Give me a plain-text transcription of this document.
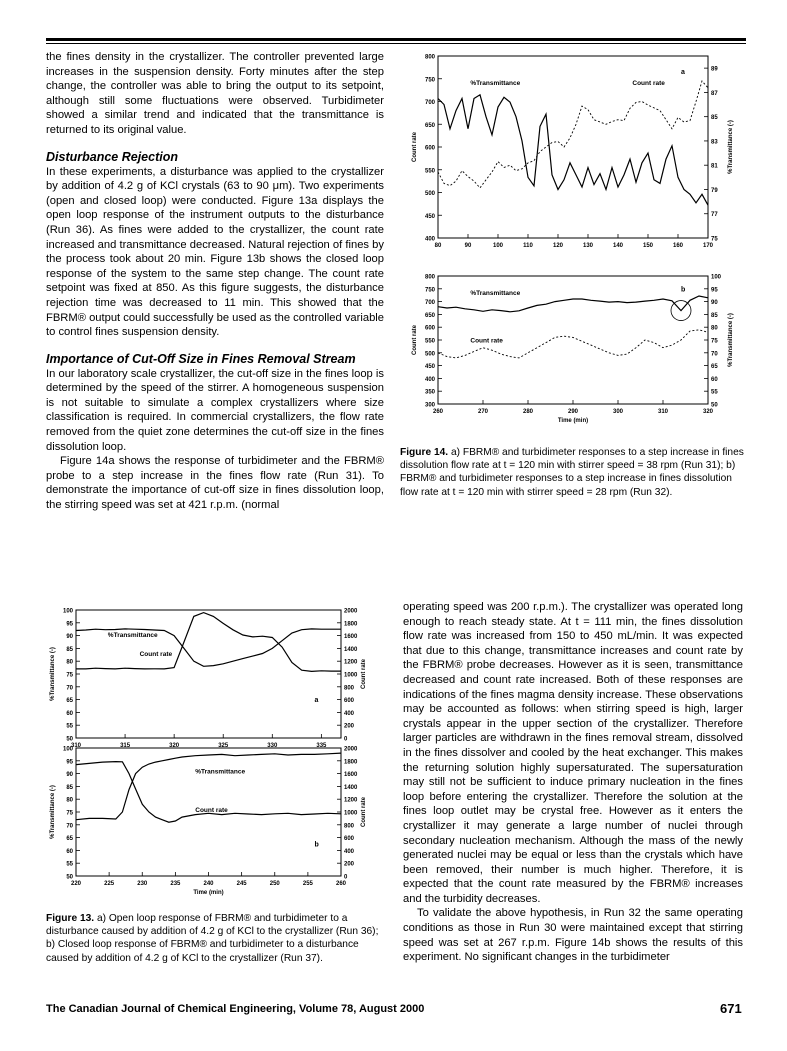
the fines density in the crystallizer. The controller prevented large increases in the suspension density. Forty minutes after the step change, the controller was able to bring the output to its setpoint, although still some fluctuations were observed. Turbidimeter showed a similar trend and indicated that the transmittance is returned to its original value.

Disturbance Rejection

In these experiments, a disturbance was applied to the crystallizer by addition of 4.2 g of KCl crystals (63 to 90 μm). Two experiments (open and closed loop) were conducted. Figure 13a displays the open loop response of the instrument outputs to the disturbance (Run 36). As fines were added to the crystallizer, the count rate increased and transmittance decreased. Natural rejection of fines by the process took about 20 min. Figure 13b shows the closed loop response of the system to the same step change. The count rate setpoint was fixed at 850. As this figure suggests, the disturbance rejection time was decreased to 11 min. This showed that the FBRM® output could successfully be used as the controlled variable to control fines suspension density.

Importance of Cut-Off Size in Fines Removal Stream

In our laboratory scale crystallizer, the cut-off size in the fines loop is determined by the speed of the stirrer. A homogeneous suspension is not suitable to simulate a complex crystallizers where size classification is required. In commercial crystallizers, the flow rate removed from the quiet zone determines the cut-off size in the fines dissolution loop.

Figure 14a shows the response of turbidimeter and the FBRM® probe to a step increase in the fines flow rate (Run 31). To demonstrate the importance of cut-off size in fines dissolution loop, the stirring speed was set at 421 r.p.m. (normal

400
450
500
550
600
650
700
750
800
75
77
79
81
83
85
87
89
80	90	100	110	120	130	140	150	160	170
Count rate	%Transmittance (-)
%Transmittance	Count rate
a
300
350
400
450
500
550
600
650
700
750
800
50
55
60
65
70
75
80
85
90
95
100
260	270	280	290	300	310	320
Count rate	%Transmittance (-)
Time (min)
%Transmittance
Count rate
b
Figure 14. a) FBRM® and turbidimeter responses to a step increase in fines dissolution flow rate at t = 120 min with stirrer speed = 38 rpm (Run 31); b) FBRM® and turbidimeter responses to a step increase in fines dissolution flow rate at t = 120 min with stirrer speed = 28 rpm (Run 32).
50
55
60
65
70
75
80
85
90
95
100
0
200
400
600
800
1000
1200
1400
1600
1800
2000
310	315	320	325	330	335
%Transmittance (-)	Count rate
%Transmittance
Count rate
a
50
55
60
65
70
75
80
85
90
95
100
0
200
400
600
800
1000
1200
1400
1600
1800
2000
220	225	230	235	240	245	250	255	260
%Transmittance (-)	Count rate
Time (min)
%Transmittance
Count rate
b
Figure 13. a) Open loop response of FBRM® and turbidimeter to a disturbance caused by addition of 4.2 g of KCl to the crystallizer (Run 36); b) Closed loop response of FBRM® and turbidimeter to a disturbance caused by addition of 4.2 g of KCl to the crystallizer (Run 37).

operating speed was 200 r.p.m.). The crystallizer was operated long enough to reach steady state. At t = 111 min, the fines dissolution flow rate was increased from 150 to 450 mL/min. It was expected that due to this change, transmittance increases and count rate by the FBRM® probe decreases. However as it is seen, transmittance decreased and count rate increased. Both of these responses are indications of the fines magma density increase. These observations may be accounted as follows: when stirring speed is high, larger crystals appear in the upper section of the crystallizer. Therefore larger particles are withdrawn in the fines removal stream, dissolved in the fines dissolver and cooled by the heat exchanger. This makes the returning solution highly supersaturated. The supersaturation may still not be sufficient to induce primary nucleation in the fines loop before entering the crystallizer. Therefore the solution at the fines loop outlet may be crystal free. However as it enters the crystallizer it may generate a large number of nuclei through secondary nucleation mechanism. Although the mass of the newly generated nuclei may be equal or less than the crystals which have been removed, their number is much higher. Therefore, it is expected that the count rate measured by the FBRM® increases and the turbidity decreases.

To validate the above hypothesis, in Run 32 the same operating conditions as those in Run 30 were maintained except that stirring speed was set at 267 r.p.m. Figure 14b shows the results of this experiment. No significant changes in the turbidimeter

The Canadian Journal of Chemical Engineering, Volume 78, August 2000	671
